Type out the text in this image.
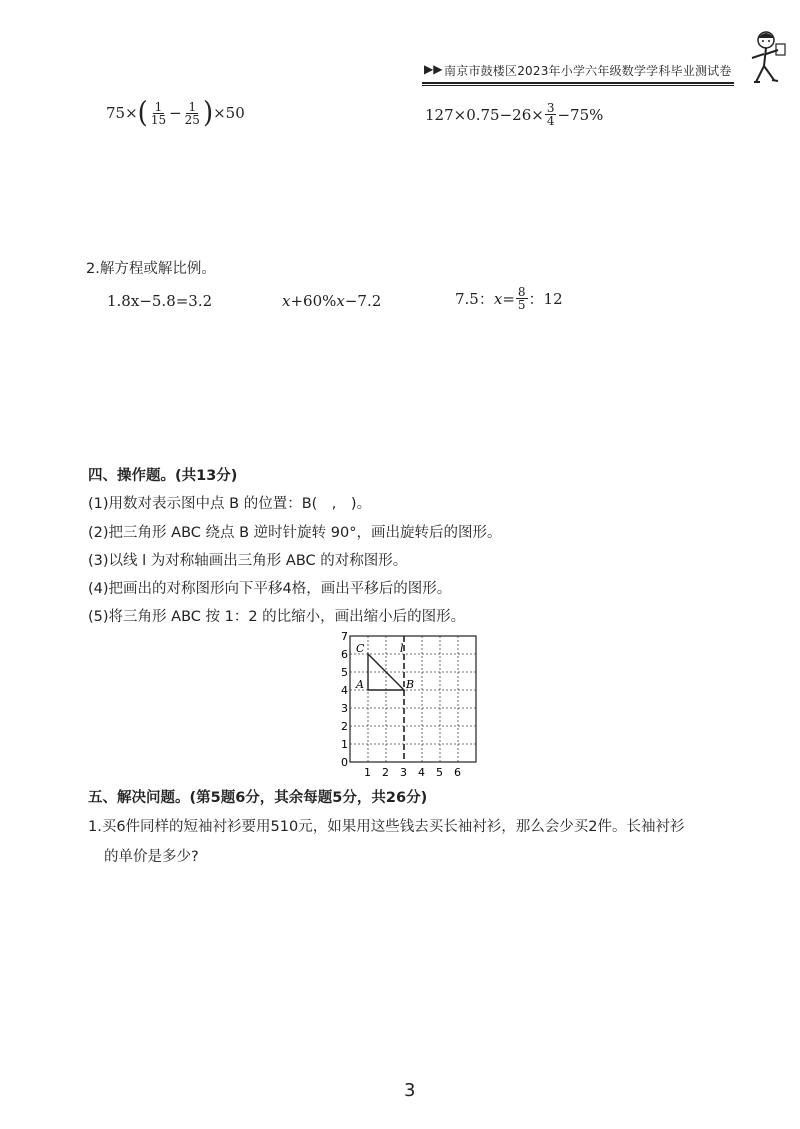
▶▶ 南京市鼓楼区2023年小学六年级数学学科毕业测试卷
75× ( $\frac{1}{15} - \frac{1}{25}$ ) ×50	$127\times 0.75-26\times \frac{3}{4} -75\%$
2.解方程或解比例。
1.8x−5.8=3.2	x +60% x −7.2	7.5： $x = \frac{8}{5}$ ：12
四、操作题。(共13分)
(1)用数对表示图中点 B 的位置：B(　,　)。
(2)把三角形 ABC 绕点 B 逆时针旋转 90°，画出旋转后的图形。
(3)以线 l 为对称轴画出三角形 ABC 的对称图形。
(4)把画出的对称图形向下平移4格，画出平移后的图形。
(5)将三角形 ABC 按 1：2 的比缩小，画出缩小后的图形。
l
C
A	B
1
2
3
4
5
6
7
0
1 2 3 4 5 6
五、解决问题。(第5题6分，其余每题5分，共26分)
1.买6件同样的短袖衬衫要用510元，如果用这些钱去买长袖衬衫，那么会少买2件。长袖衬衫
的单价是多少?
3
